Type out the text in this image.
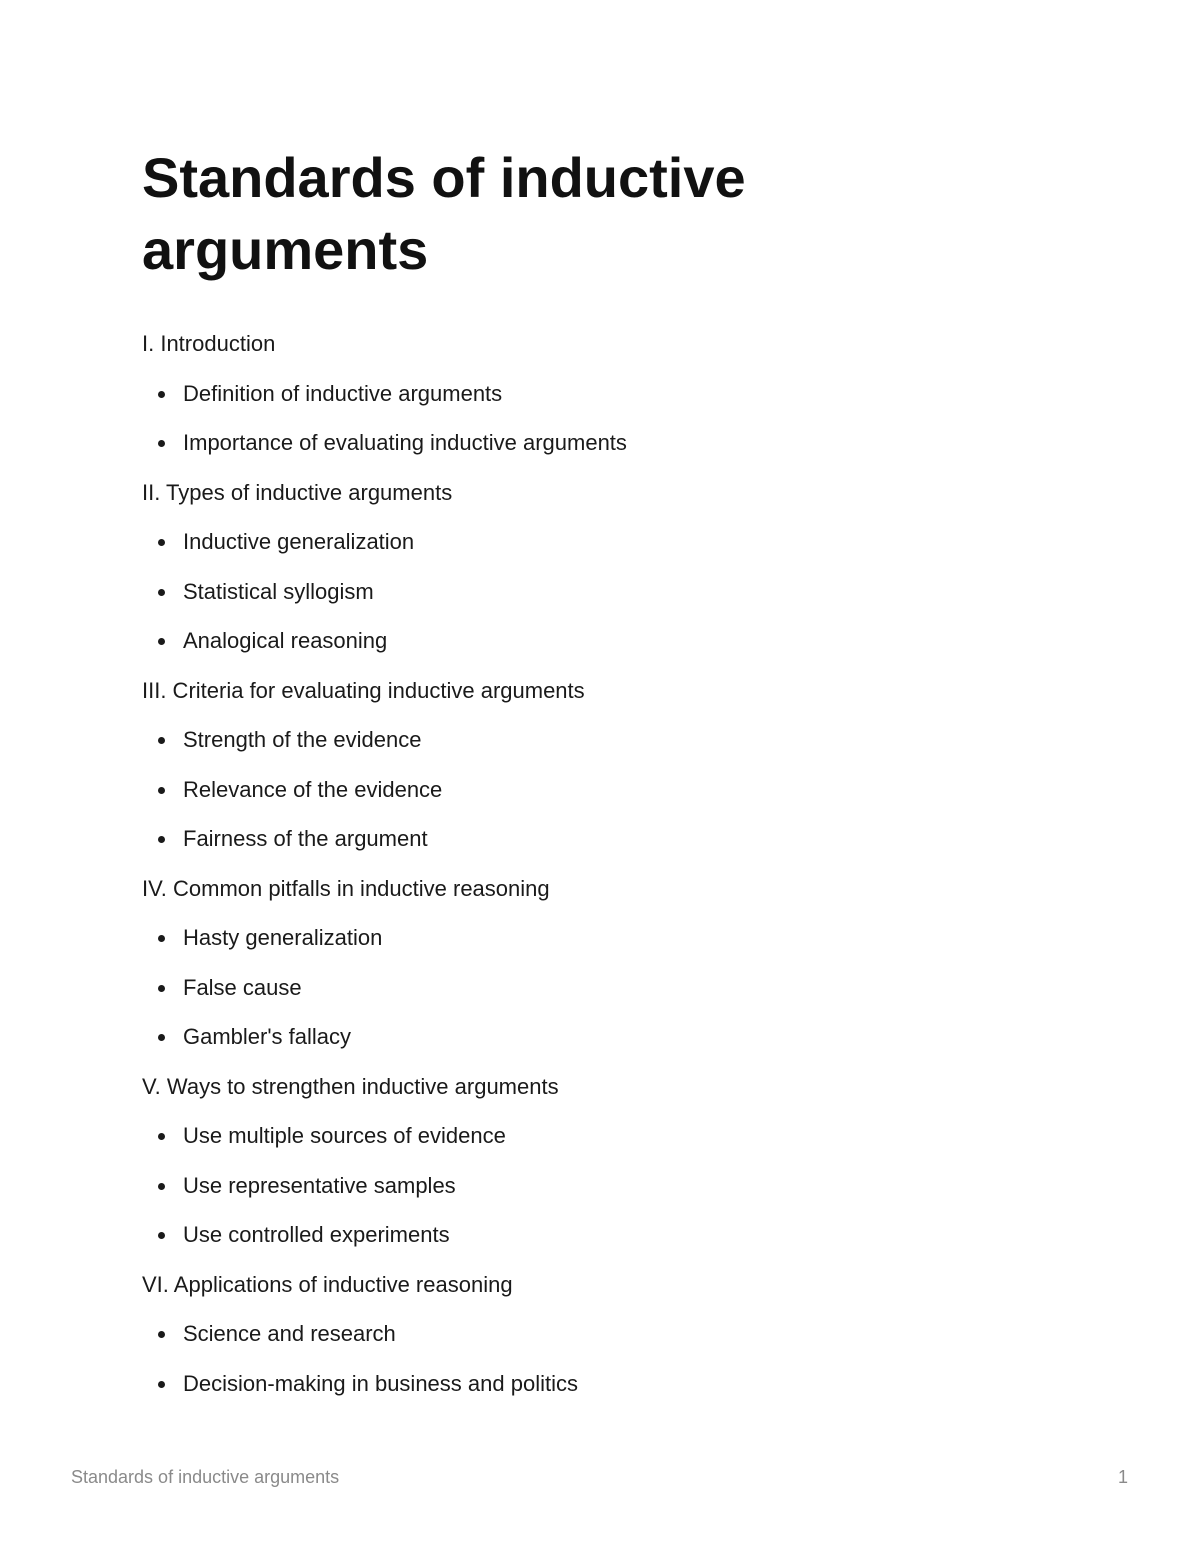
Standards of inductive arguments
I. Introduction
Definition of inductive arguments
Importance of evaluating inductive arguments
II. Types of inductive arguments
Inductive generalization
Statistical syllogism
Analogical reasoning
III. Criteria for evaluating inductive arguments
Strength of the evidence
Relevance of the evidence
Fairness of the argument
IV. Common pitfalls in inductive reasoning
Hasty generalization
False cause
Gambler's fallacy
V. Ways to strengthen inductive arguments
Use multiple sources of evidence
Use representative samples
Use controlled experiments
VI. Applications of inductive reasoning
Science and research
Decision-making in business and politics
Standards of inductive arguments	1
